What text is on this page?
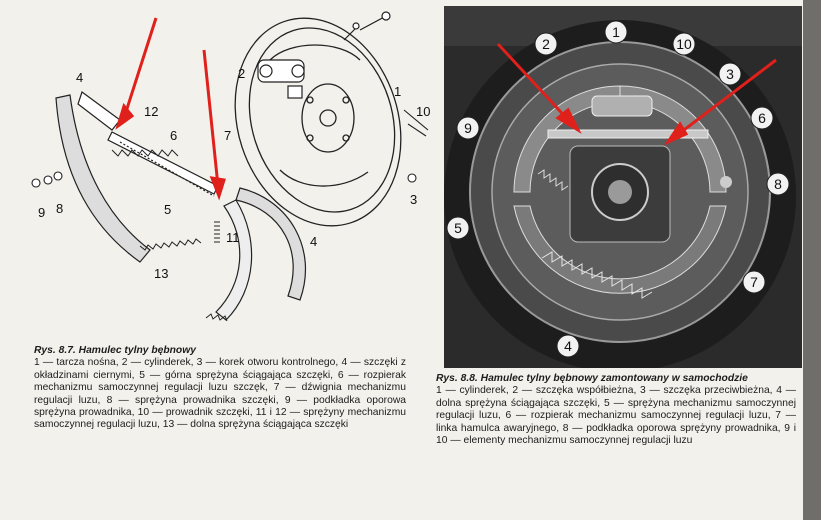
4	2
12
6	7
1
10
3
9 8	5
11	4
13
2
1
10
3
6
8
7
4
5
9
Rys. 8.7. Hamulec tylny bębnowy
1 — tarcza nośna, 2 — cylinderek, 3 — korek otworu kontrolnego, 4 — szczęki z okładzinami ciernymi, 5 — górna sprężyna ściągająca szczęki, 6 — rozpierak mechanizmu samoczynnej regulacji luzu szczęk, 7 — dźwignia mechanizmu regulacji luzu, 8 — sprężyna prowadnika szczęki, 9 — podkładka oporowa sprężyna prowadnika, 10 — prowadnik szczęki, 11 i 12 — sprężyny mechanizmu samoczynnej regulacji luzu, 13 — dolna sprężyna ściągająca szczęki
Rys. 8.8. Hamulec tylny bębnowy zamontowany w samochodzie
1 — cylinderek, 2 — szczęka współbieżna, 3 — szczęka przeciwbieżna, 4 — dolna sprężyna ściągająca szczęki, 5 — sprężyna mechanizmu samoczynnej regulacji luzu, 6 — rozpierak mechanizmu samoczynnej regulacji luzu, 7 — linka hamulca awaryjnego, 8 — podkładka oporowa sprężyny prowadnika, 9 i 10 — elementy mechanizmu samoczynnej regulacji luzu
